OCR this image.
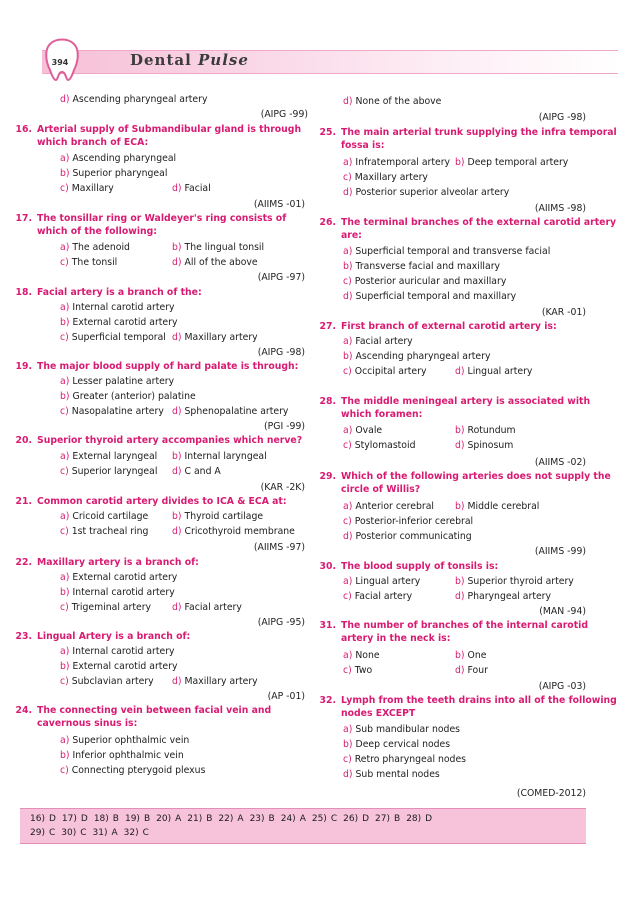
394	Dental Pulse
d) Ascending pharyngeal artery
(AIPG -99)
16. Arterial supply of Submandibular gland is through
which branch of ECA:
a) Ascending pharyngeal
b) Superior pharyngeal
c) Maxillary	d) Facial
(AIIMS -01)
17. The tonsillar ring or Waldeyer's ring consists of
which of the following:
a) The adenoid	b) The lingual tonsil
c) The tonsil	d) All of the above
(AIPG -97)
18. Facial artery is a branch of the:
a) Internal carotid artery
b) External carotid artery
c) Superficial temporal d) Maxillary artery
(AIPG -98)
19. The major blood supply of hard palate is through:
a) Lesser palatine artery
b) Greater (anterior) palatine
c) Nasopalatine artery d) Sphenopalatine artery
(PGI -99)
20. Superior thyroid artery accompanies which nerve?
a) External laryngeal b) Internal laryngeal
c) Superior laryngeal d) C and A
(KAR -2K)
21. Common carotid artery divides to ICA & ECA at:
a) Cricoid cartilage	b) Thyroid cartilage
c) 1st tracheal ring	d) Cricothyroid membrane
(AIIMS -97)
22. Maxillary artery is a branch of:
a) External carotid artery
b) Internal carotid artery
c) Trigeminal artery d) Facial artery
(AIPG -95)
23. Lingual Artery is a branch of:
a) Internal carotid artery
b) External carotid artery
c) Subclavian artery d) Maxillary artery
(AP -01)
24. The connecting vein between facial vein and
cavernous sinus is:
a) Superior ophthalmic vein
b) Inferior ophthalmic vein
c) Connecting pterygoid plexus
d) None of the above
(AIPG -98)
25. The main arterial trunk supplying the infra temporal
fossa is:
a) Infratemporal artery b) Deep temporal artery
c) Maxillary artery
d) Posterior superior alveolar artery
(AIIMS -98)
26. The terminal branches of the external carotid artery
are:
a) Superficial temporal and transverse facial
b) Transverse facial and maxillary
c) Posterior auricular and maxillary
d) Superficial temporal and maxillary
(KAR -01)
27. First branch of external carotid artery is:
a) Facial artery
b) Ascending pharyngeal artery
c) Occipital artery	d) Lingual artery
28. The middle meningeal artery is associated with
which foramen:
a) Ovale	b) Rotundum
c) Stylomastoid	d) Spinosum
(AIIMS -02)
29. Which of the following arteries does not supply the
circle of Willis?
a) Anterior cerebral b) Middle cerebral
c) Posterior-inferior cerebral
d) Posterior communicating
(AIIMS -99)
30. The blood supply of tonsils is:
a) Lingual artery	b) Superior thyroid artery
c) Facial artery	d) Pharyngeal artery
(MAN -94)
31. The number of branches of the internal carotid
artery in the neck is:
a) None	b) One
c) Two	d) Four
(AIPG -03)
32. Lymph from the teeth drains into all of the following
nodes EXCEPT
a) Sub mandibular nodes
b) Deep cervical nodes
c) Retro pharyngeal nodes
d) Sub mental nodes
(COMED-2012)
16) D 17) D 18) B 19) B 20) A 21) B 22) A 23) B 24) A 25) C 26) D 27) B 28) D
29) C 30) C 31) A 32) C
